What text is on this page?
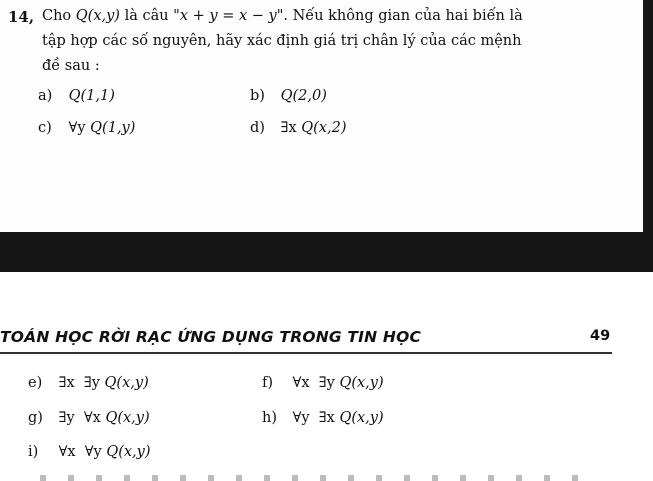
14, Cho Q(x,y) là câu "x + y = x − y". Nếu không gian của hai biến là
tập hợp các số nguyên, hãy xác định giá trị chân lý của các mệnh
đề sau :
a) Q(1,1)	b) Q(2,0)
c) ∀y Q(1,y)	d) ∃x Q(x,2)
TOÁN HỌC RỜI RẠC ỨNG DỤNG TRONG TIN HỌC	49
e) ∃x  ∃y Q(x,y)	f) ∀x  ∃y Q(x,y)
g) ∃y  ∀x Q(x,y)	h) ∀y  ∃x Q(x,y)
i) ∀x  ∀y Q(x,y)
